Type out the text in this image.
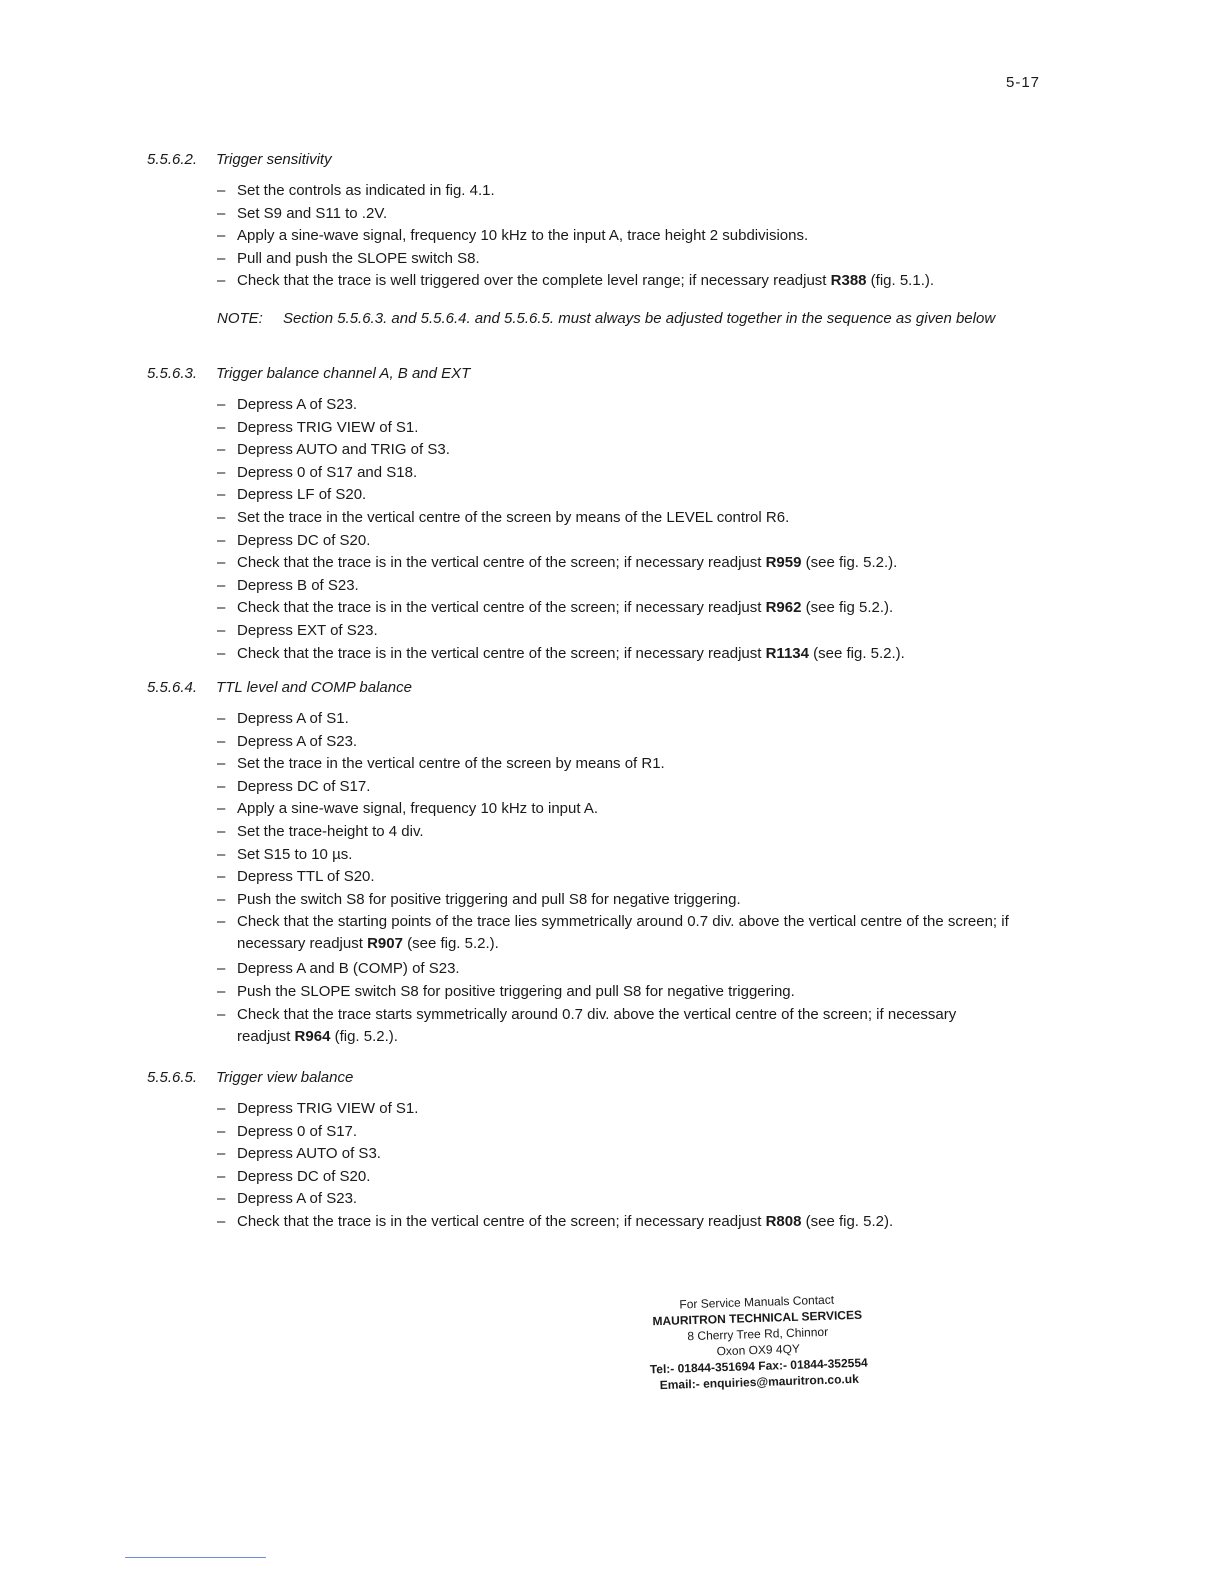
5-17
5.5.6.2. Trigger sensitivity
– Set the controls as indicated in fig. 4.1.
– Set S9 and S11 to .2V.
– Apply a sine-wave signal, frequency 10 kHz to the input A, trace height 2 subdivisions.
– Pull and push the SLOPE switch S8.
– Check that the trace is well triggered over the complete level range; if necessary readjust R388 (fig. 5.1.).
NOTE: Section 5.5.6.3. and 5.5.6.4. and 5.5.6.5. must always be adjusted together in the sequence as given below
5.5.6.3. Trigger balance channel A, B and EXT
– Depress A of S23.
– Depress TRIG VIEW of S1.
– Depress AUTO and TRIG of S3.
– Depress 0 of S17 and S18.
– Depress LF of S20.
– Set the trace in the vertical centre of the screen by means of the LEVEL control R6.
– Depress DC of S20.
– Check that the trace is in the vertical centre of the screen; if necessary readjust R959 (see fig. 5.2.).
– Depress B of S23.
– Check that the trace is in the vertical centre of the screen; if necessary readjust R962 (see fig 5.2.).
– Depress EXT of S23.
– Check that the trace is in the vertical centre of the screen; if necessary readjust R1134 (see fig. 5.2.).
5.5.6.4. TTL level and COMP balance
– Depress A of S1.
– Depress A of S23.
– Set the trace in the vertical centre of the screen by means of R1.
– Depress DC of S17.
– Apply a sine-wave signal, frequency 10 kHz to input A.
– Set the trace-height to 4 div.
– Set S15 to 10 µs.
– Depress TTL of S20.
– Push the switch S8 for positive triggering and pull S8 for negative triggering.
– Check that the starting points of the trace lies symmetrically around 0.7 div. above the vertical centre of the screen; if necessary readjust R907 (see fig. 5.2.).
– Depress A and B (COMP) of S23.
– Push the SLOPE switch S8 for positive triggering and pull S8 for negative triggering.
– Check that the trace starts symmetrically around 0.7 div. above the vertical centre of the screen; if necessary readjust R964 (fig. 5.2.).
5.5.6.5. Trigger view balance
– Depress TRIG VIEW of S1.
– Depress 0 of S17.
– Depress AUTO of S3.
– Depress DC of S20.
– Depress A of S23.
– Check that the trace is in the vertical centre of the screen; if necessary readjust R808 (see fig. 5.2).
For Service Manuals Contact
MAURITRON TECHNICAL SERVICES
8 Cherry Tree Rd, Chinnor
Oxon OX9 4QY
Tel:- 01844-351694 Fax:- 01844-352554
Email:- enquiries@mauritron.co.uk
